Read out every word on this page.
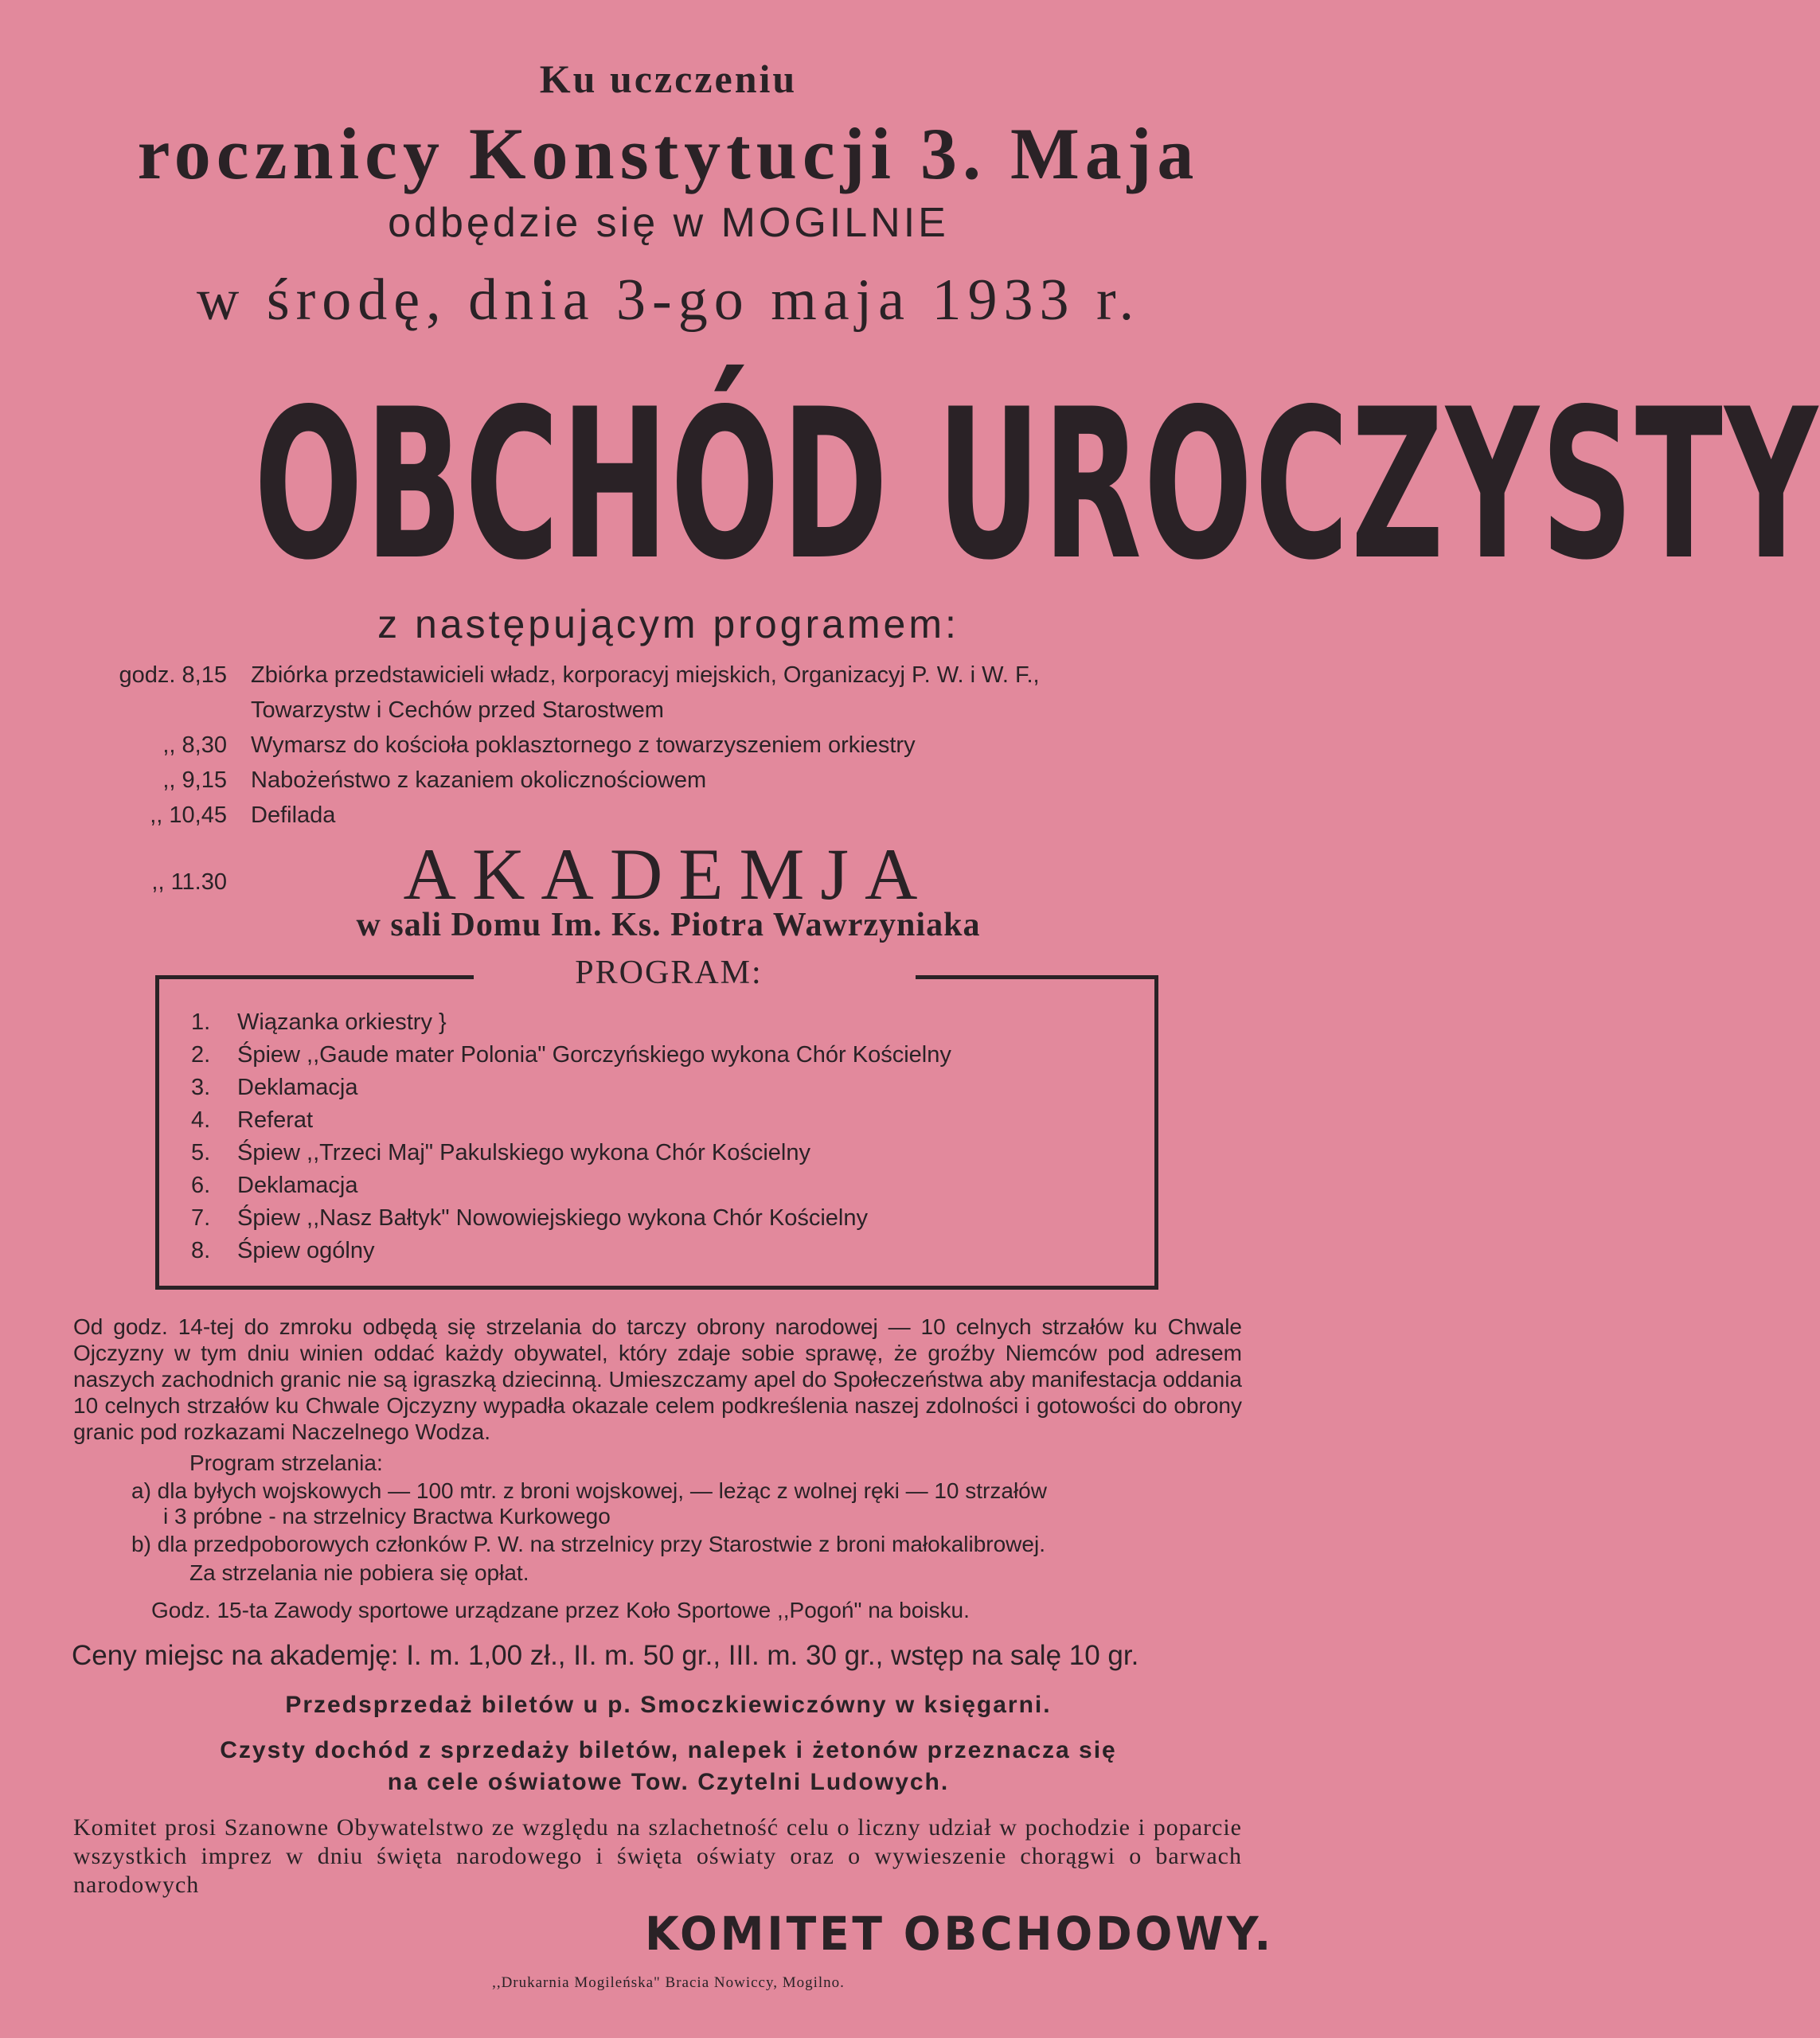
Ku uczczeniu
rocznicy Konstytucji 3. Maja
odbędzie się w MOGILNIE
w środę, dnia 3-go maja 1933 r.
OBCHÓD UROCZYSTY
z następującym programem:
godz. 8,15 Zbiórka przedstawicieli władz, korporacyj miejskich, Organizacyj P. W. i W. F.,
Towarzystw i Cechów przed Starostwem
,, 8,30 Wymarsz do kościoła poklasztornego z towarzyszeniem orkiestry
,, 9,15 Nabożeństwo z kazaniem okolicznościowem
,, 10,45 Defilada
,, 11.30	AKADEMJA
w sali Domu Im. Ks. Piotra Wawrzyniaka
PROGRAM:
1. Wiązanka orkiestry }
2. Śpiew ,,Gaude mater Polonia" Gorczyńskiego wykona Chór Kościelny
3. Deklamacja
4. Referat
5. Śpiew ,,Trzeci Maj" Pakulskiego wykona Chór Kościelny
6. Deklamacja
7. Śpiew ,,Nasz Bałtyk" Nowowiejskiego wykona Chór Kościelny
8. Śpiew ogólny
Od godz. 14-tej do zmroku odbędą się strzelania do tarczy obrony narodowej — 10 celnych strzałów ku Chwale Ojczyzny w tym dniu winien oddać każdy obywatel, który zdaje sobie sprawę, że groźby Niemców pod adresem naszych zachodnich granic nie są igraszką dziecinną. Umieszczamy apel do Społeczeństwa aby manifestacja oddania 10 celnych strzałów ku Chwale Ojczyzny wypadła okazale celem podkreślenia naszej zdolności i gotowości do obrony granic pod rozkazami Naczelnego Wodza.
Program strzelania:
a) dla byłych wojskowych — 100 mtr. z broni wojskowej, — leżąc z wolnej ręki — 10 strzałów
i 3 próbne - na strzelnicy Bractwa Kurkowego
b) dla przedpoborowych członków P. W. na strzelnicy przy Starostwie z broni małokalibrowej.
Za strzelania nie pobiera się opłat.
Godz. 15-ta Zawody sportowe urządzane przez Koło Sportowe ,,Pogoń" na boisku.
Ceny miejsc na akademję: I. m. 1,00 zł., II. m. 50 gr., III. m. 30 gr., wstęp na salę 10 gr.
Przedsprzedaż biletów u p. Smoczkiewiczówny w księgarni.
Czysty dochód z sprzedaży biletów, nalepek i żetonów przeznacza się
na cele oświatowe Tow. Czytelni Ludowych.
Komitet prosi Szanowne Obywatelstwo ze względu na szlachetność celu o liczny udział w pochodzie i poparcie wszystkich imprez w dniu święta narodowego i święta oświaty oraz o wywieszenie chorągwi o barwach narodowych
KOMITET OBCHODOWY.
,,Drukarnia Mogileńska" Bracia Nowiccy, Mogilno.
